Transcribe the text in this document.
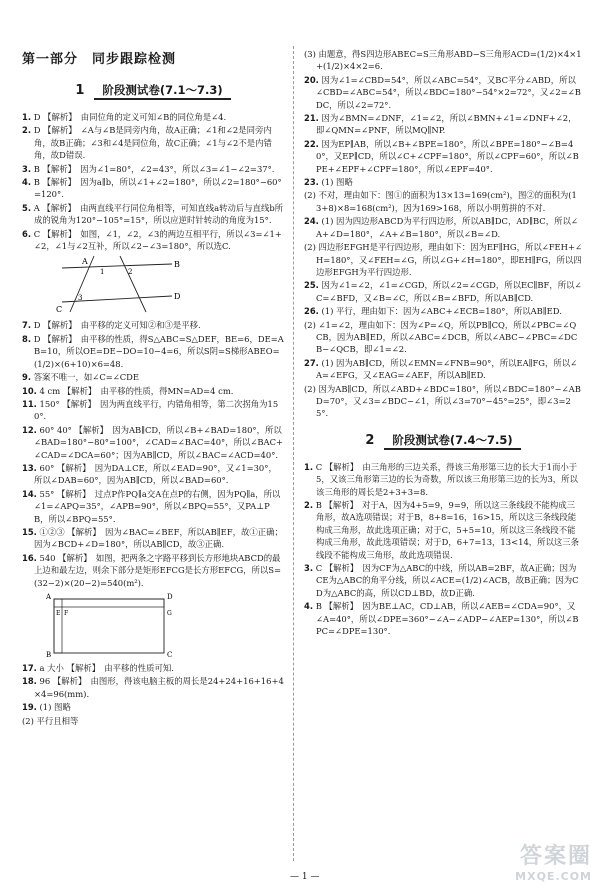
第一部分　同步跟踪检测
1	阶段测试卷(7.1～7.3)
1. D 【解析】　由同位角的定义可知∠B的同位角是∠4.
2. D 【解析】　∠A与∠B是同旁内角，故A正确；∠1和∠2是同旁内角，故B正确；∠3和∠4是同位角，故C正确；∠1与∠2不是内错角，故D错误.
3. B 【解析】　因为∠1=80°，∠2=43°，所以∠3=∠1−∠2=37°.
4. B 【解析】　因为a∥b，所以∠1+∠2=180°，所以∠2=180°−60°=120°.
5. A 【解析】　由两直线平行同位角相等，可知直线a转动后与直线b所成的锐角为120°−105°=15°，所以应逆时针转动的角度为15°.
6. C 【解析】　如图，∠1，∠2，∠3的两边互相平行，所以∠3=∠1+∠2，∠1与∠2互补，所以∠2−∠3=180°，所以选C.
A
1	2
3
B
C
D
7. D 【解析】　由平移的定义可知②和③是平移.
8. D 【解析】　由平移的性质，得S△ABC=S△DEF，BE=6，DE=AB=10，所以OE=DE−DO=10−4=6，所以S阴=S梯形ABEO=(1/2)×(6+10)×6=48.
9. 答案不唯一，如∠C=∠CDE
10. 4 cm 【解析】　由平移的性质，得MN=AD=4 cm.
11. 150° 【解析】　因为两直线平行，内错角相等，第二次拐角为150°.
12. 60° 40° 【解析】　因为AB∥CD，所以∠B+∠BAD=180°，所以∠BAD=180°−80°=100°，∠CAD=∠BAC=40°，所以∠BAC+∠CAD=∠DCA=60°；因为AB∥CD，所以∠BAC=∠ACD=40°.
13. 60° 【解析】　因为DA⊥CE，所以∠EAD=90°，又∠1=30°，所以∠DAB=60°，因为AB∥CD，所以∠BAD=60°.
14. 55° 【解析】　过点P作PQ∥a交A在点P的右侧，因为PQ∥a，所以∠1=∠APQ=35°，∠APB=90°，所以∠BPQ=55°，又PA⊥PB，所以∠BPQ=55°.
15. ①②③ 【解析】　因为∠BAC=∠BEF，所以AB∥EF，故①正确；因为∠BCD+∠D=180°，所以AB∥CD，故③正确.
16. 540 【解析】　如图，把两条之字路平移到长方形地块ABCD的最上边和最左边，则余下部分是矩形EFCG是长方形EFCG，所以S=(32−2)×(20−2)=540(m²).
A
B	C
D
E F	G
17. a 大小 【解析】　由平移的性质可知.
18. 96 【解析】　由图形，得该电脑主板的周长是24+24+16+16+4×4=96(mm).
19. (1) 图略
(2) 平行且相等
(3) 由题意，得S四边形ABEC=S三角形ABD−S三角形ACD=(1/2)×4×1+(1/2)×4×2=6.
20. 因为∠1=∠CBD=54°，所以∠ABC=54°，又BC平分∠ABD，所以∠CBD=∠ABC=54°，所以∠BDC=180°−54°×2=72°，又∠2=∠BDC，所以∠2=72°.
21. 因为∠BMN=∠DNF，∠1=∠2，所以∠BMN+∠1=∠DNF+∠2，即∠QMN=∠PNF，所以MQ∥NP.
22. 因为EP∥AB，所以∠B+∠BPE=180°，所以∠BPE=180°−∠B=40°，又EP∥CD，所以∠C+∠CPF=180°，所以∠CPF=60°，所以∠BPE+∠EPF+∠CPF=180°，所以∠EPF=40°.
23. (1) 图略
(2) 不对，理由如下：图①的面积为13×13=169(cm²)，图②的面积为(13+8)×8=168(cm²)，因为169>168，所以小明剪拼的不对.
24. (1) 因为四边形ABCD为平行四边形，所以AB∥DC，AD∥BC，所以∠A+∠D=180°，∠A+∠B=180°，所以∠B=∠D.
(2) 四边形EFGH是平行四边形，理由如下：因为EF∥HG，所以∠FEH+∠H=180°，又∠FEH=∠G，所以∠G+∠H=180°，即EH∥FG，所以四边形EFGH为平行四边形.
25. 因为∠1=∠2，∠1=∠CGD，所以∠2=∠CGD，所以EC∥BF，所以∠C=∠BFD，又∠B=∠C，所以∠B=∠BFD，所以AB∥CD.
26. (1) 平行，理由如下：因为∠ABC+∠ECB=180°，所以AB∥ED.
(2) ∠1=∠2，理由如下：因为∠P=∠Q，所以PB∥CQ，所以∠PBC=∠QCB，因为AB∥ED，所以∠ABC=∠DCB，所以∠ABC−∠PBC=∠DCB−∠QCB，即∠1=∠2.
27. (1) 因为AB∥CD，所以∠EMN=∠FNB=90°，所以EA∥FG，所以∠A=∠EFG，又∠EAG=∠AEF，所以AB∥ED.
(2) 因为AB∥CD，所以∠ABD+∠BDC=180°，所以∠BDC=180°−∠ABD=70°，又∠3=∠BDC−∠1，所以∠3=70°−45°=25°，即∠3=25°.
2	阶段测试卷(7.4～7.5)
1. C 【解析】　由三角形的三边关系，得该三角形第三边的长大于1而小于5，又该三角形第三边的长为奇数，所以该三角形第三边的长为3，所以该三角形的周长是2+3+3=8.
2. B 【解析】　对于A，因为4+5=9，9=9，所以这三条线段不能构成三角形，故A选项错误；对于B，8+8=16，16>15，所以这三条线段能构成三角形，故此选项正确；对于C，5+5=10，所以这三条线段不能构成三角形，故此选项错误；对于D，6+7=13，13<14，所以这三条线段不能构成三角形，故此选项错误.
3. C 【解析】　因为CF为△ABC的中线，所以AB=2BF，故A正确；因为CE为△ABC的角平分线，所以∠ACE=(1/2)∠ACB，故B正确；因为CD为△ABC的高，所以CD⊥BD，故D正确.
4. B 【解析】　因为BE⊥AC，CD⊥AB，所以∠AEB=∠CDA=90°，又∠A=40°，所以∠DPE=360°−∠A−∠ADP−∠AEP=130°，所以∠BPC=∠DPE=130°.
— 1 —
答案圈
MXQE.COM
